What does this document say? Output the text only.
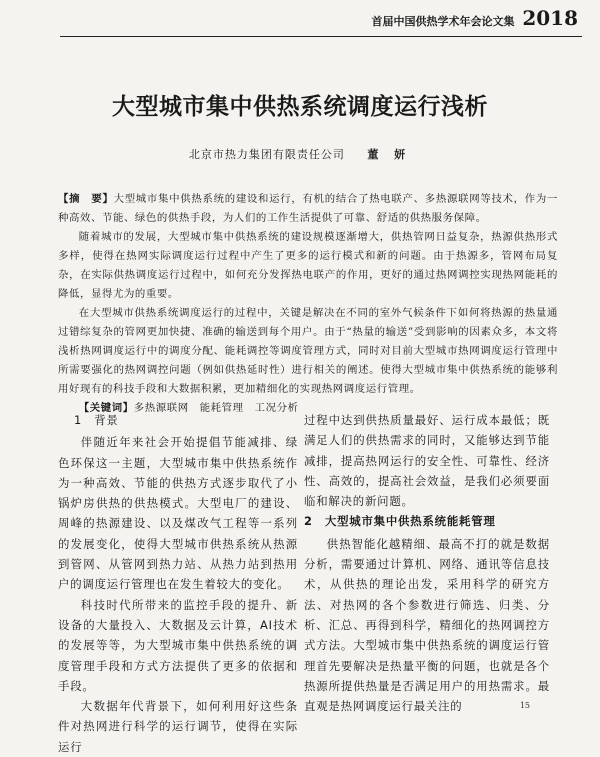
首届中国供热学术年会论文集 2018
大型城市集中供热系统调度运行浅析
北京市热力集团有限责任公司 董 妍

【摘　要】大型城市集中供热系统的建设和运行，有机的结合了热电联产、多热源联网等技术，作为一种高效、节能、绿色的供热手段，为人们的工作生活提供了可靠、舒适的供热服务保障。

随着城市的发展，大型城市集中供热系统的建设规模逐渐增大，供热管网日益复杂，热源供热形式多样，使得在热网实际调度运行过程中产生了更多的运行模式和新的问题。由于热源多，管网布局复杂，在实际供热调度运行过程中，如何充分发挥热电联产的作用，更好的通过热网调控实现热网能耗的降低，显得尤为的重要。

在大型城市供热系统调度运行的过程中，关键是解决在不同的室外气候条件下如何将热源的热量通过错综复杂的管网更加快捷、准确的输送到每个用户。由于“热量的输送”受到影响的因素众多，本文将浅析热网调度运行中的调度分配、能耗调控等调度管理方式，同时对目前大型城市热网调度运行管理中所需要强化的热网调控问题（例如供热延时性）进行相关的阐述。使得大型城市集中供热系统的能够利用好现有的科技手段和大数据积累，更加精细化的实现热网调度运行管理。

【关键词】多热源联网　能耗管理　工况分析

1　背景

伴随近年来社会开始提倡节能减排、绿色环保这一主题，大型城市集中供热系统作为一种高效、节能的供热方式逐步取代了小锅炉房供热的供热模式。大型电厂的建设、周峰的热源建设、以及煤改气工程等一系列的发展变化，使得大型城市供热系统从热源到管网、从管网到热力站、从热力站到热用户的调度运行管理也在发生着较大的变化。

科技时代所带来的监控手段的提升、新设备的大量投入、大数据及云计算，AI技术的发展等等，为大型城市集中供热系统的调度管理手段和方式方法提供了更多的依据和手段。

大数据年代背景下，如何利用好这些条件对热网进行科学的运行调节，使得在实际运行

过程中达到供热质量最好、运行成本最低；既满足人们的供热需求的同时，又能够达到节能减排，提高热网运行的安全性、可靠性、经济性、高效的，提高社会效益，是我们必须要面临和解决的新问题。

2　大型城市集中供热系统能耗管理

供热智能化越精细、最高不打的就是数据分析，需要通过计算机、网络、通讯等信息技术，从供热的理论出发，采用科学的研究方法、对热网的各个参数进行筛选、归类、分析、汇总、再得到科学，精细化的热网调控方式方法。大型城市集中供热系统的调度运行管理首先要解决是热量平衡的问题，也就是各个热源所提供热量是否满足用户的用热需求。最直观是热网调度运行最关注的	15
